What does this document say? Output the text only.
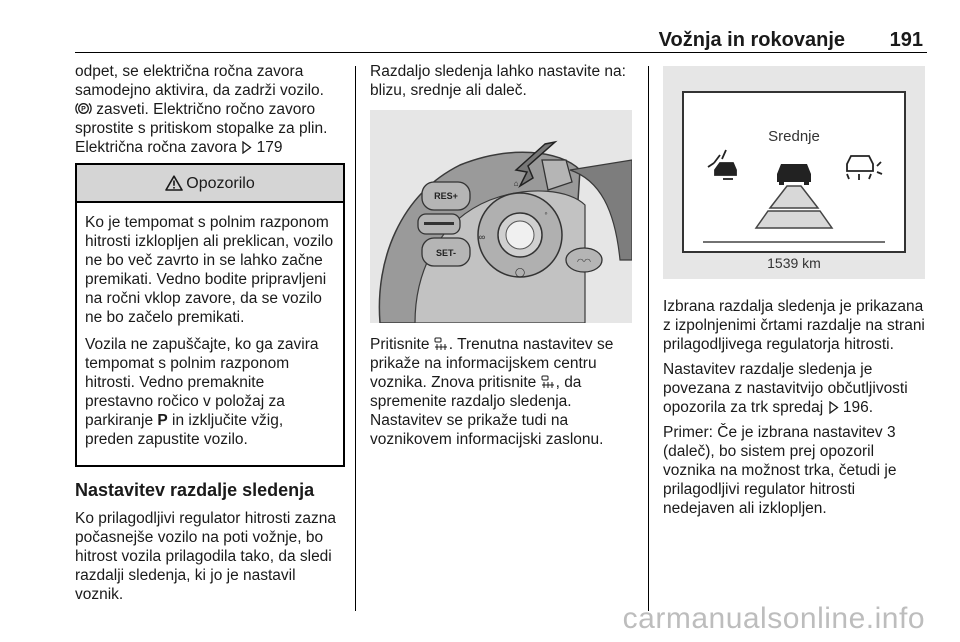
Vožnja in rokovanje 191

odpet, se električna ročna zavora samodejno aktivira, da zadrži vozilo.
P zasveti. Električno ročno zavoro sprostite s pritiskom stopalke za plin. Električna ročna zavora  179

Opozorilo

Ko je tempomat s polnim razponom hitrosti izklopljen ali preklican, vozilo ne bo več zavrto in se lahko začne premikati. Vedno bodite pripravljeni na ročni vklop zavore, da se vozilo ne bo začelo premikati.

Vozila ne zapuščajte, ko ga zavira tempomat s polnim razponom hitrosti. Vedno premaknite prestavno ročico v položaj za parkiranje P in izključite vžig, preden zapustite vozilo.

Nastavitev razdalje sledenja

Ko prilagodljivi regulator hitrosti zazna počasnejše vozilo na poti vožnje, bo hitrost vozila prilagodila tako, da sledi razdalji sledenja, ki jo je nastavil voznik.

Razdaljo sledenja lahko nastavite na: blizu, srednje ali daleč.

RES+
SET-
⌂
∞
◦
◯
◠◠

Pritisnite . Trenutna nastavitev se prikaže na informacijskem centru voznika. Znova pritisnite , da spremenite razdaljo sledenja. Nastavitev se prikaže tudi na voznikovem informacijski zaslonu.

Srednje
1539 km

Izbrana razdalja sledenja je prikazana z izpolnjenimi črtami razdalje na strani prilagodljivega regulatorja hitrosti.

Nastavitev razdalje sledenja je povezana z nastavitvijo občutljivosti opozorila za trk spredaj  196.

Primer: Če je izbrana nastavitev 3 (daleč), bo sistem prej opozoril voznika na možnost trka, četudi je prilagodljivi regulator hitrosti nedejaven ali izklopljen.

carmanualsonline.info
